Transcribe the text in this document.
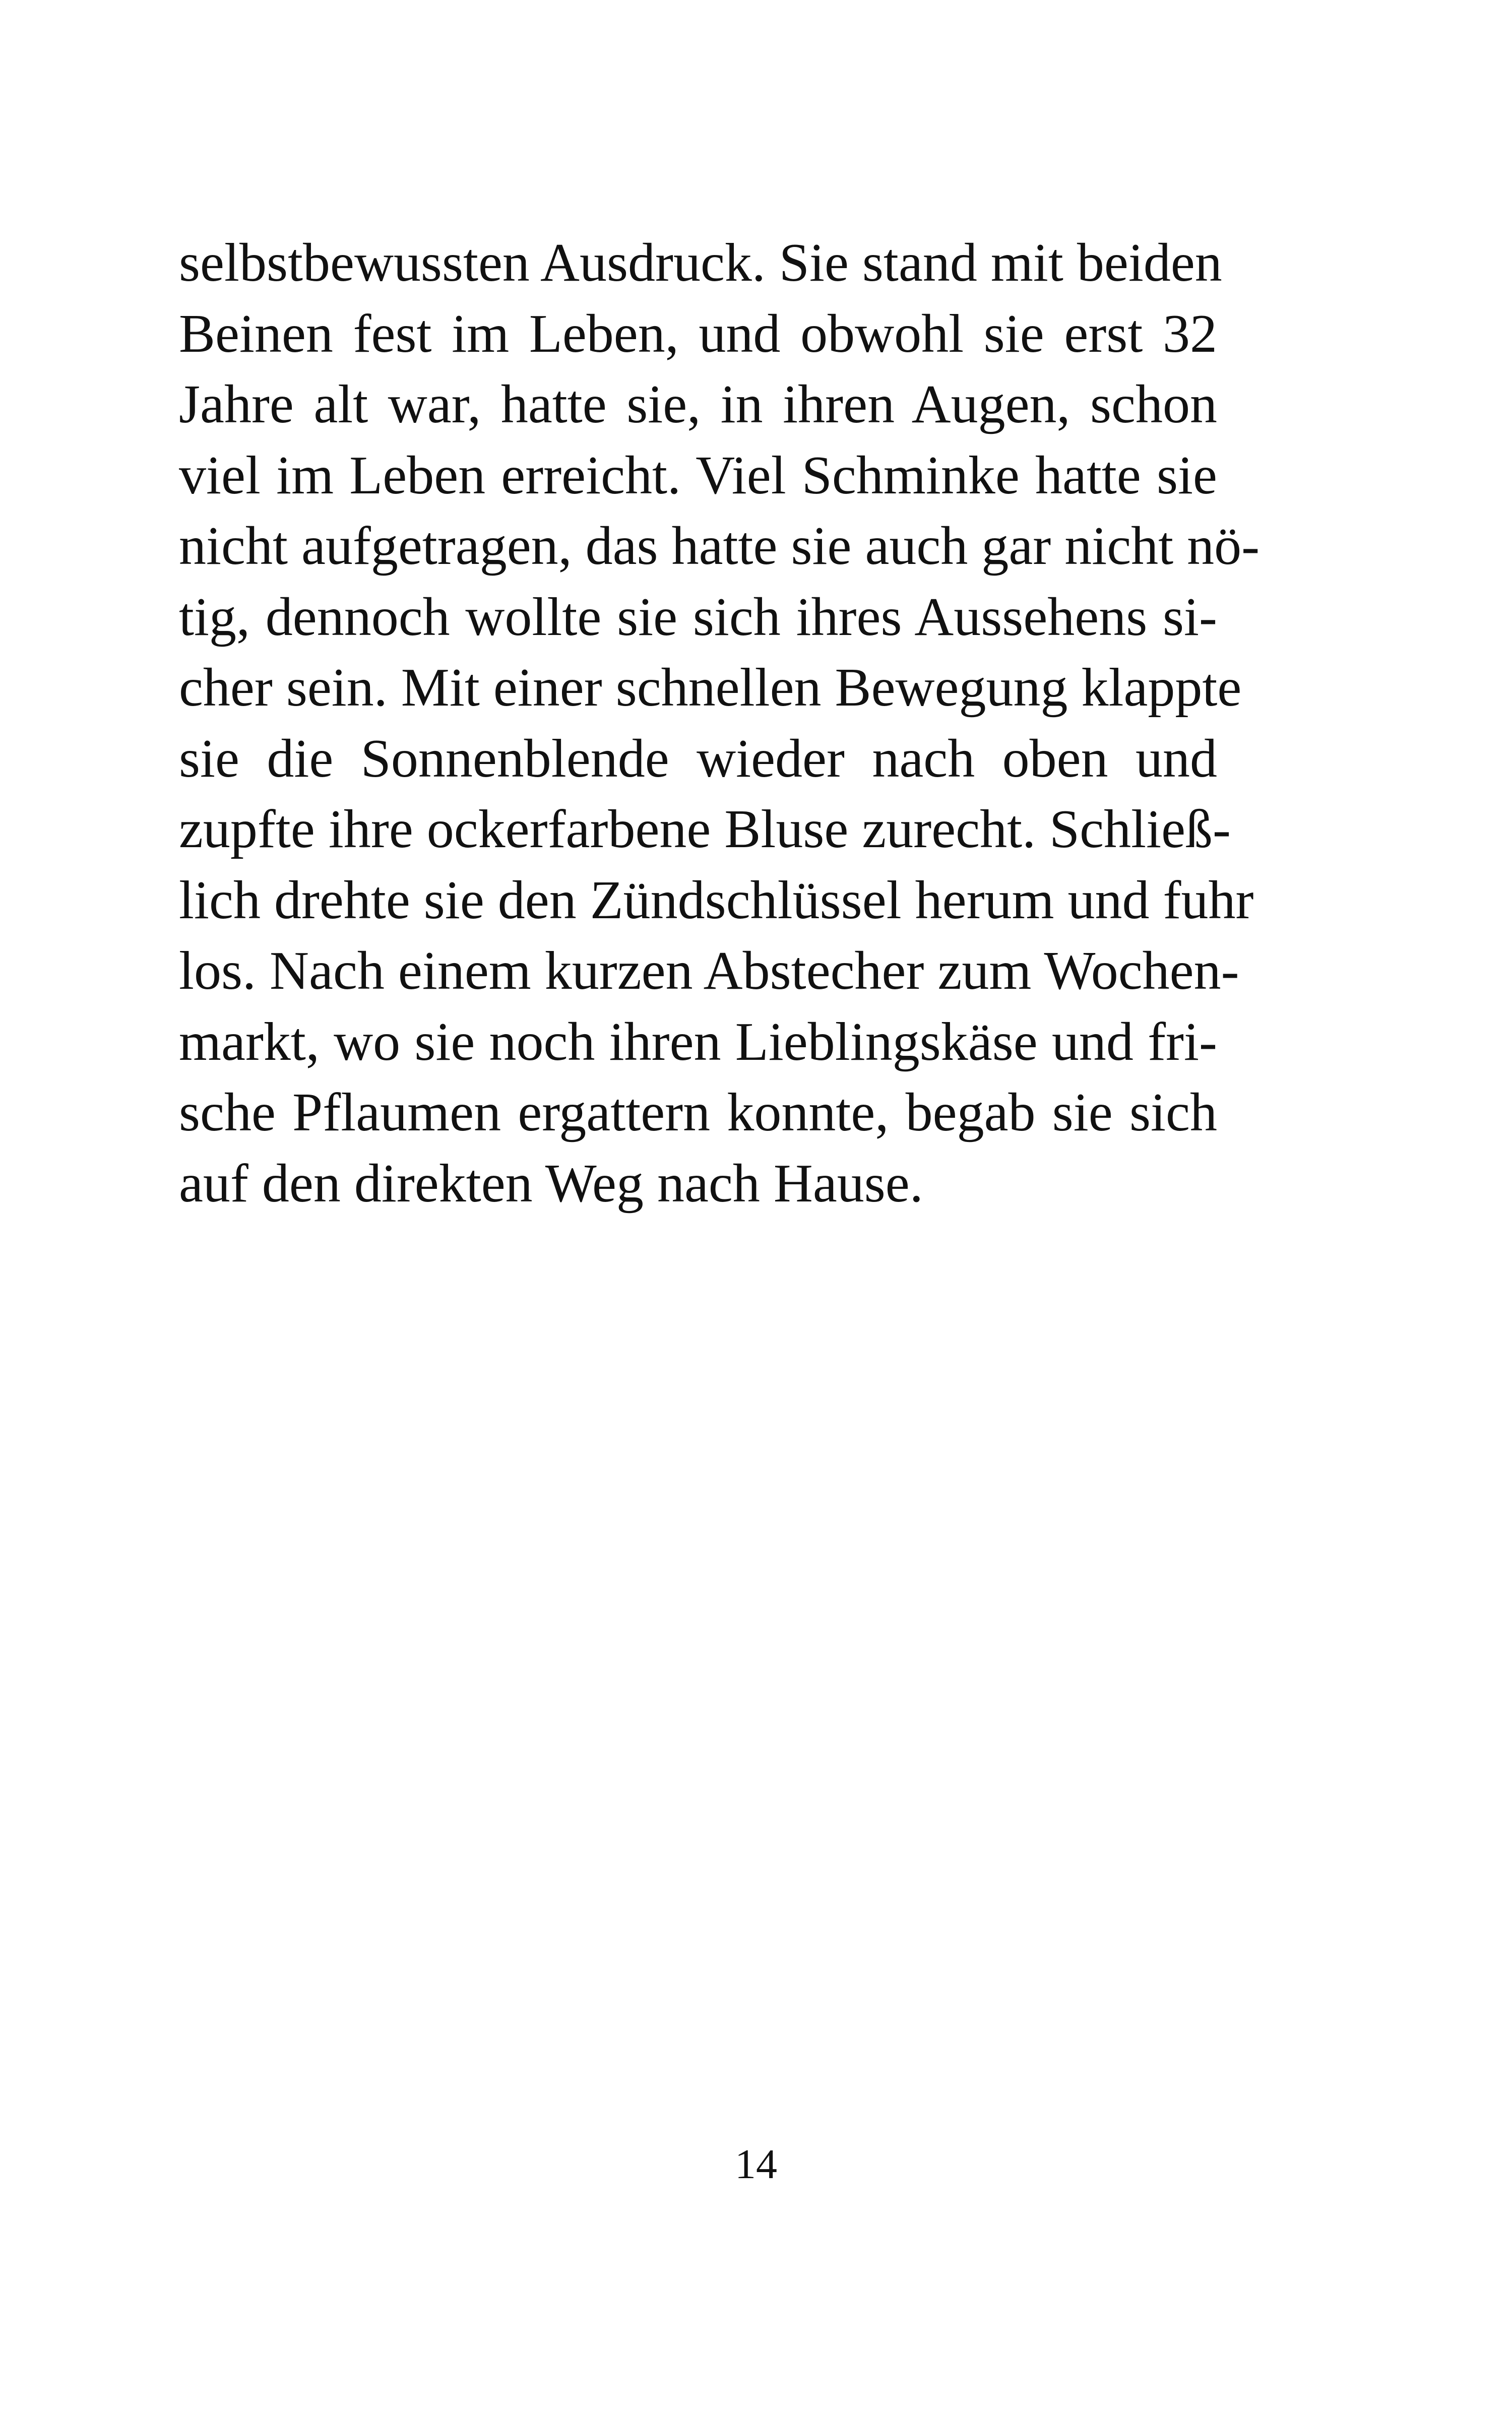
selbstbewussten Ausdruck. Sie stand mit beiden
Beinen fest im Leben, und obwohl sie erst 32
Jahre alt war, hatte sie, in ihren Augen, schon
viel im Leben erreicht. Viel Schminke hatte sie
nicht aufgetragen, das hatte sie auch gar nicht nö-
tig, dennoch wollte sie sich ihres Aussehens si-
cher sein. Mit einer schnellen Bewegung klappte
sie die Sonnenblende wieder nach oben und
zupfte ihre ockerfarbene Bluse zurecht. Schließ-
lich drehte sie den Zündschlüssel herum und fuhr
los. Nach einem kurzen Abstecher zum Wochen-
markt, wo sie noch ihren Lieblingskäse und fri-
sche Pflaumen ergattern konnte, begab sie sich
auf den direkten Weg nach Hause.
14
